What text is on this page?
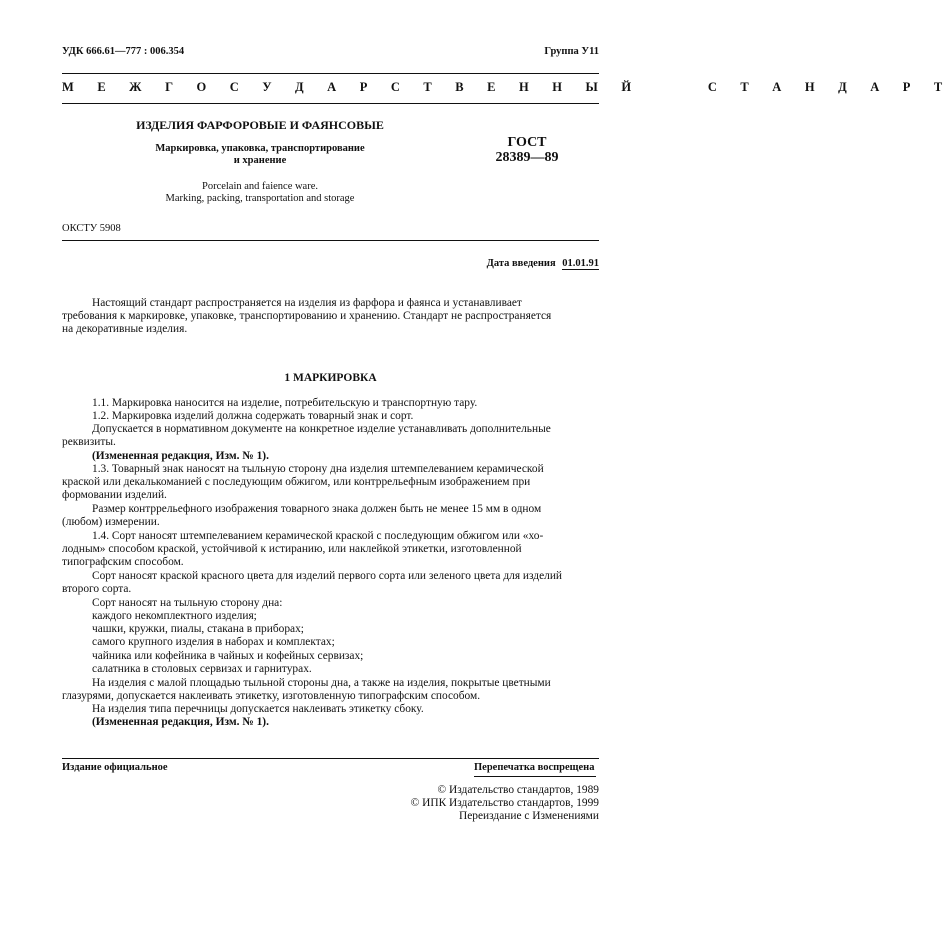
УДК 666.61—777 : 006.354	Группа У11
М Е Ж Г О С У Д А Р С Т В Е Н Н Ы Й     С Т А Н Д А Р Т
ИЗДЕЛИЯ ФАРФОРОВЫЕ И ФАЯНСОВЫЕ
Маркировка, упаковка, транспортирование
и хранение
Porcelain and faience ware.
Marking, packing, transportation and storage
ГОСТ
28389—89
ОКСТУ 5908
Дата введения 01.01.91
Настоящий стандарт распространяется на изделия из фарфора и фаянса и устанавливает
требования к маркировке, упаковке, транспортированию и хранению. Стандарт не распространяется
на декоративные изделия.
1 МАРКИРОВКА
1.1. Маркировка наносится на изделие, потребительскую и транспортную тару.
1.2. Маркировка изделий должна содержать товарный знак и сорт.
Допускается в нормативном документе на конкретное изделие устанавливать дополнительные
реквизиты.
(Измененная редакция, Изм. № 1).
1.3. Товарный знак наносят на тыльную сторону дна изделия штемпелеванием керамической
краской или декалькоманией с последующим обжигом, или контррельефным изображением при
формовании изделий.
Размер контррельефного изображения товарного знака должен быть не менее 15 мм в одном
(любом) измерении.
1.4. Сорт наносят штемпелеванием керамической краской с последующим обжигом или «хо-
лодным» способом краской, устойчивой к истиранию, или наклейкой этикетки, изготовленной
типографским способом.
Сорт наносят краской красного цвета для изделий первого сорта или зеленого цвета для изделий
второго сорта.
Сорт наносят на тыльную сторону дна:
каждого некомплектного изделия;
чашки, кружки, пиалы, стакана в приборах;
самого крупного изделия в наборах и комплектах;
чайника или кофейника в чайных и кофейных сервизах;
салатника в столовых сервизах и гарнитурах.
На изделия с малой площадью тыльной стороны дна, а также на изделия, покрытые цветными
глазурями, допускается наклеивать этикетку, изготовленную типографским способом.
На изделия типа перечницы допускается наклеивать этикетку сбоку.
(Измененная редакция, Изм. № 1).
Издание официальное	Перепечатка воспрещена
© Издательство стандартов, 1989
© ИПК Издательство стандартов, 1999
Переиздание с Изменениями
